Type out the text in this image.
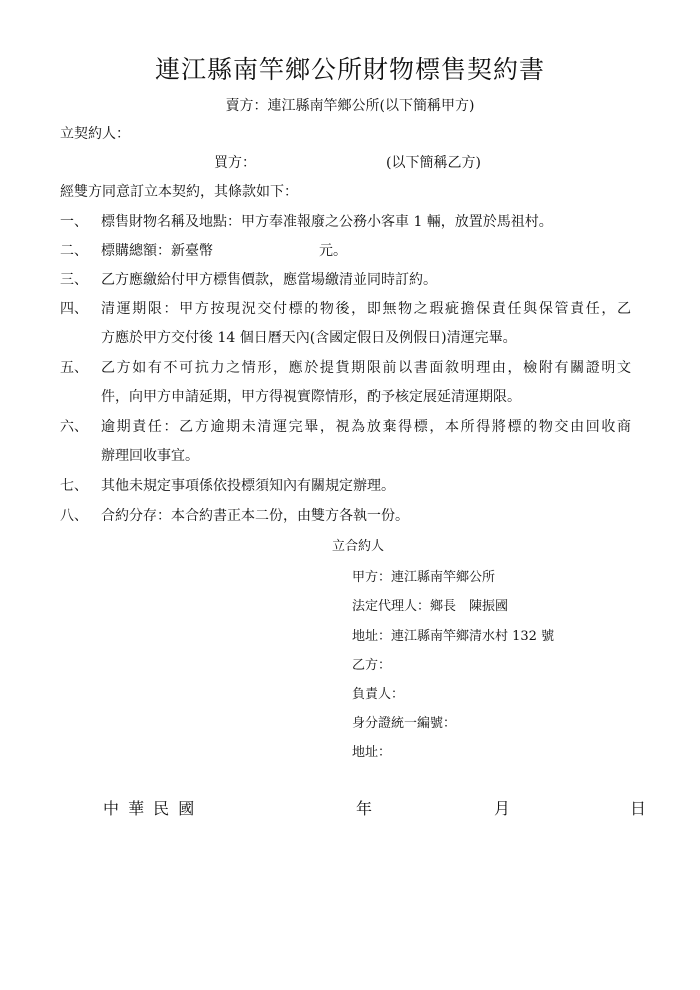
連江縣南竿鄉公所財物標售契約書
賣方：連江縣南竿鄉公所(以下簡稱甲方)
立契約人：
買方：	(以下簡稱乙方)
經雙方同意訂立本契約，其條款如下：
一、 標售財物名稱及地點：甲方奉准報廢之公務小客車 1 輛，放置於馬祖村。
二、 標購總額：新臺幣	元。
三、 乙方應繳給付甲方標售價款，應當場繳清並同時訂約。
四、 清運期限：甲方按現況交付標的物後，即無物之瑕疵擔保責任與保管責任，乙
方應於甲方交付後 14 個日曆天內(含國定假日及例假日)清運完畢。
五、 乙方如有不可抗力之情形，應於提貨期限前以書面敘明理由，檢附有關證明文
件，向甲方申請延期，甲方得視實際情形，酌予核定展延清運期限。
六、 逾期責任：乙方逾期未清運完畢，視為放棄得標，本所得將標的物交由回收商
辦理回收事宜。
七、 其他未規定事項係依投標須知內有關規定辦理。
八、 合約分存：本合約書正本二份，由雙方各執一份。
立合約人
甲方：連江縣南竿鄉公所
法定代理人：鄉長　陳振國
地址：連江縣南竿鄉清水村 132 號
乙方：
負責人：
身分證統一編號：
地址：
中 華 民 國	年	月	日
